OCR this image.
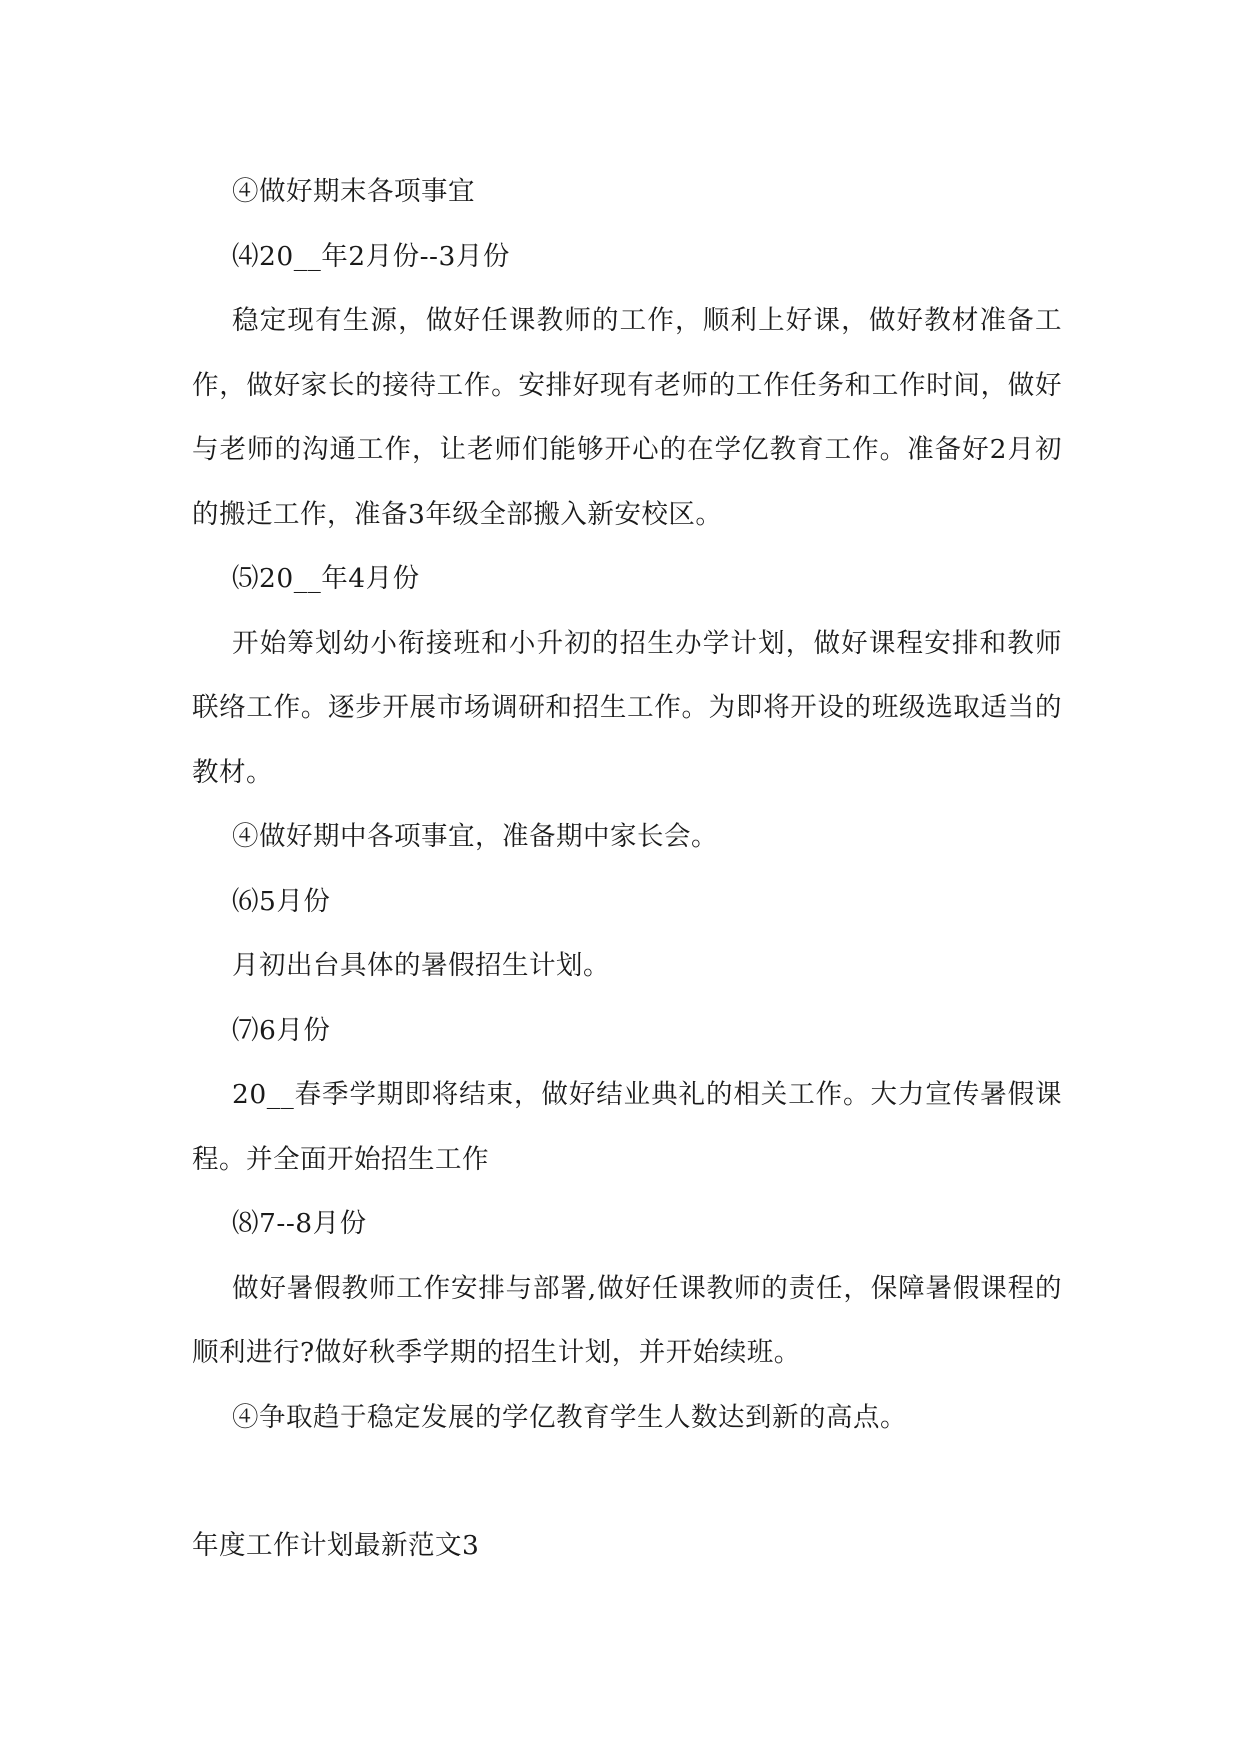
④做好期末各项事宜

⑷20__年2月份--3月份

稳定现有生源，做好任课教师的工作，顺利上好课，做好教材准备工作，做好家长的接待工作。安排好现有老师的工作任务和工作时间，做好与老师的沟通工作，让老师们能够开心的在学亿教育工作。准备好2月初的搬迁工作，准备3年级全部搬入新安校区。

⑸20__年4月份

开始筹划幼小衔接班和小升初的招生办学计划，做好课程安排和教师联络工作。逐步开展市场调研和招生工作。为即将开设的班级选取适当的教材。

④做好期中各项事宜，准备期中家长会。

⑹5月份

月初出台具体的暑假招生计划。

⑺6月份

20__春季学期即将结束，做好结业典礼的相关工作。大力宣传暑假课程。并全面开始招生工作

⑻7--8月份

做好暑假教师工作安排与部署,做好任课教师的责任，保障暑假课程的顺利进行?做好秋季学期的招生计划，并开始续班。

④争取趋于稳定发展的学亿教育学生人数达到新的高点。

年度工作计划最新范文3
